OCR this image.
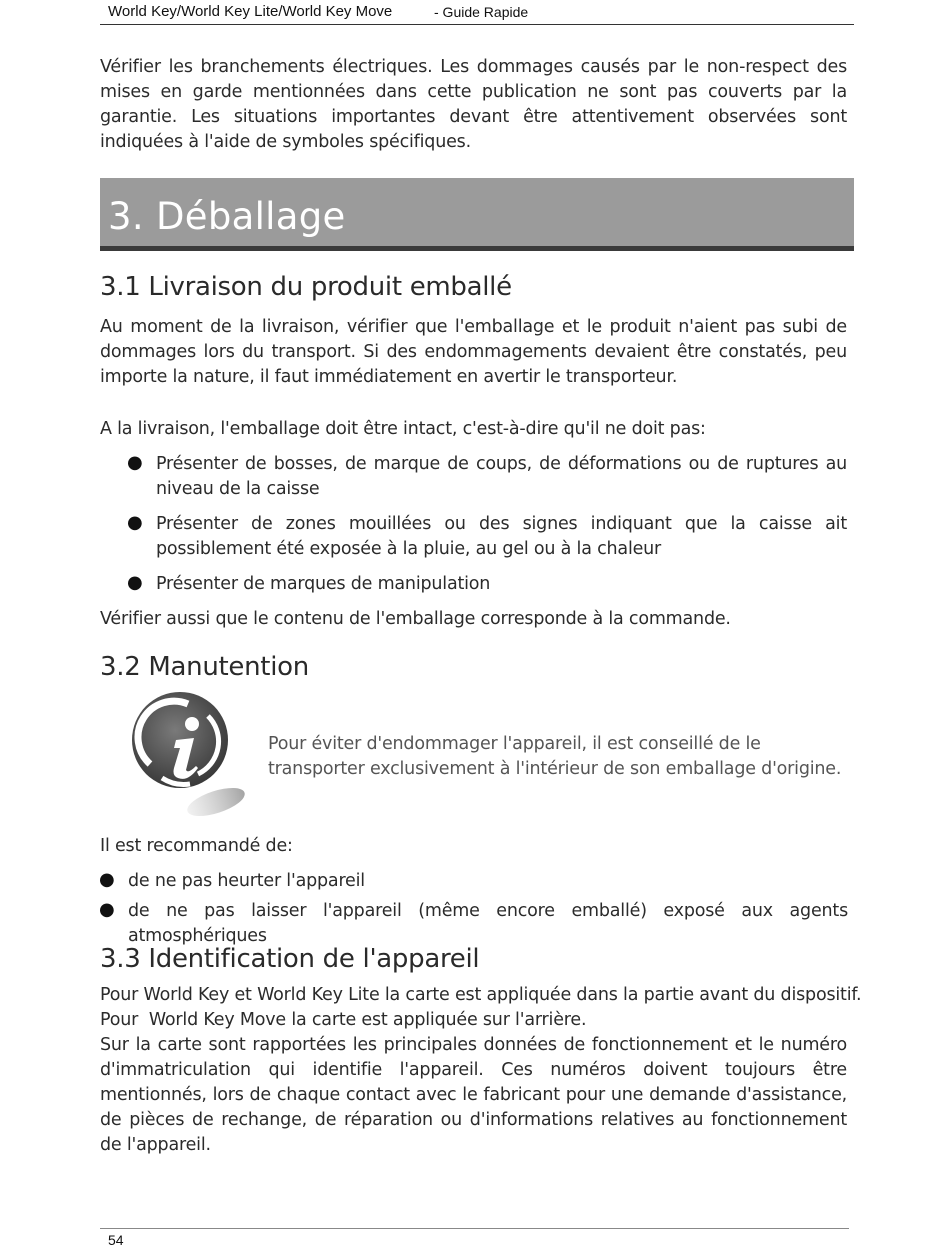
World Key/World Key Lite/World Key Move	- Guide Rapide

Vérifier les branchements électriques. Les dommages causés par le non-respect des mises en garde mentionnées dans cette publication ne sont pas couverts par la garantie. Les situations importantes devant être attentivement observées sont indiquées à l'aide de symboles spécifiques.

3. Déballage
3.1 Livraison du produit emballé

Au moment de la livraison, vérifier que l'emballage et le produit n'aient pas subi de dommages lors du transport. Si des endommagements devaient être constatés, peu importe la nature, il faut immédiatement en avertir le transporteur.

A la livraison, l'emballage doit être intact, c'est-à-dire qu'il ne doit pas:

● Présenter de bosses, de marque de coups, de déformations ou de ruptures au niveau de la caisse
● Présenter de zones mouillées ou des signes indiquant que la caisse ait possiblement été exposée à la pluie, au gel ou à la chaleur
● Présenter de marques de manipulation

Vérifier aussi que le contenu de l'emballage corresponde à la commande.

3.2 Manutention
Pour éviter d'endommager l'appareil, il est conseillé de le transporter exclusivement à l'intérieur de son emballage d'origine.

Il est recommandé de:

● de ne pas heurter l'appareil
● de ne pas laisser l'appareil (même encore emballé) exposé aux agents atmosphériques
3.3 Identification de l'appareil

Pour World Key et World Key Lite la carte est appliquée dans la partie avant du dispositif.

Pour  World Key Move la carte est appliquée sur l'arrière.

Sur la carte sont rapportées les principales données de fonctionnement et le numéro d'immatriculation qui identifie l'appareil. Ces numéros doivent toujours être mentionnés, lors de chaque contact avec le fabricant pour une demande d'assistance, de pièces de rechange, de réparation ou d'informations relatives au fonctionnement de l'appareil.

54
